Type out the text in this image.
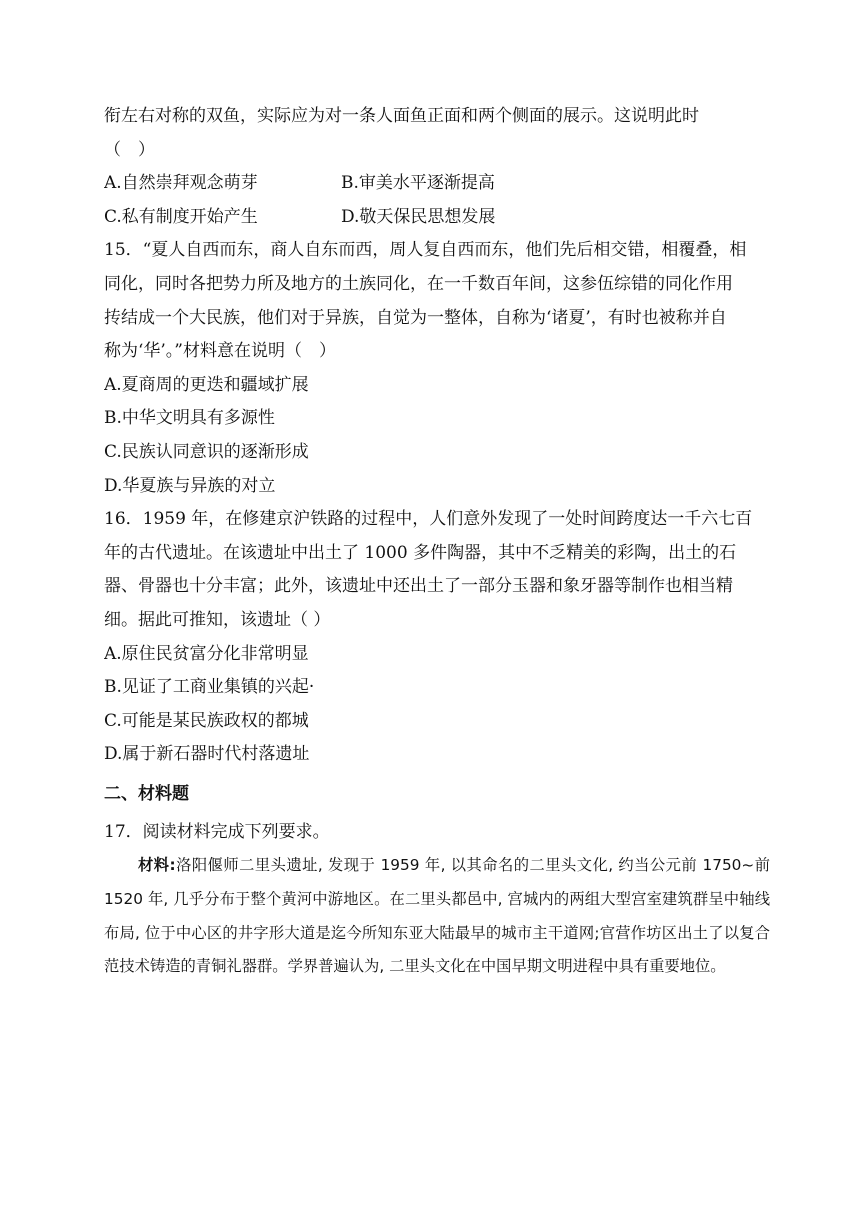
衔左右对称的双鱼，实际应为对一条人面鱼正面和两个侧面的展示。这说明此时
（　）
A.自然崇拜观念萌芽	B.审美水平逐渐提高
C.私有制度开始产生	D.敬天保民思想发展
15．“夏人自西而东，商人自东而西，周人复自西而东，他们先后相交错，相覆叠，相
同化，同时各把势力所及地方的土族同化，在一千数百年间，这参伍综错的同化作用
抟结成一个大民族，他们对于异族，自觉为一整体，自称为‘诸夏’，有时也被称并自
称为‘华’。”材料意在说明（　）
A.夏商周的更迭和疆域扩展
B.中华文明具有多源性
C.民族认同意识的逐渐形成
D.华夏族与异族的对立
16．1959 年，在修建京沪铁路的过程中，人们意外发现了一处时间跨度达一千六七百
年的古代遗址。在该遗址中出土了 1000 多件陶器，其中不乏精美的彩陶，出土的石
器、骨器也十分丰富；此外，该遗址中还出土了一部分玉器和象牙器等制作也相当精
细。据此可推知，该遗址（ ）
A.原住民贫富分化非常明显
B.见证了工商业集镇的兴起·
C.可能是某民族政权的都城
D.属于新石器时代村落遗址
二、材料题
17．阅读材料完成下列要求。

材料:洛阳偃师二里头遗址, 发现于 1959 年, 以其命名的二里头文化, 约当公元前 1750~前 1520 年, 几乎分布于整个黄河中游地区。在二里头都邑中, 宫城内的两组大型宫室建筑群呈中轴线布局, 位于中心区的井字形大道是迄今所知东亚大陆最早的城市主干道网;官营作坊区出土了以复合范技术铸造的青铜礼器群。学界普遍认为, 二里头文化在中国早期文明进程中具有重要地位。
